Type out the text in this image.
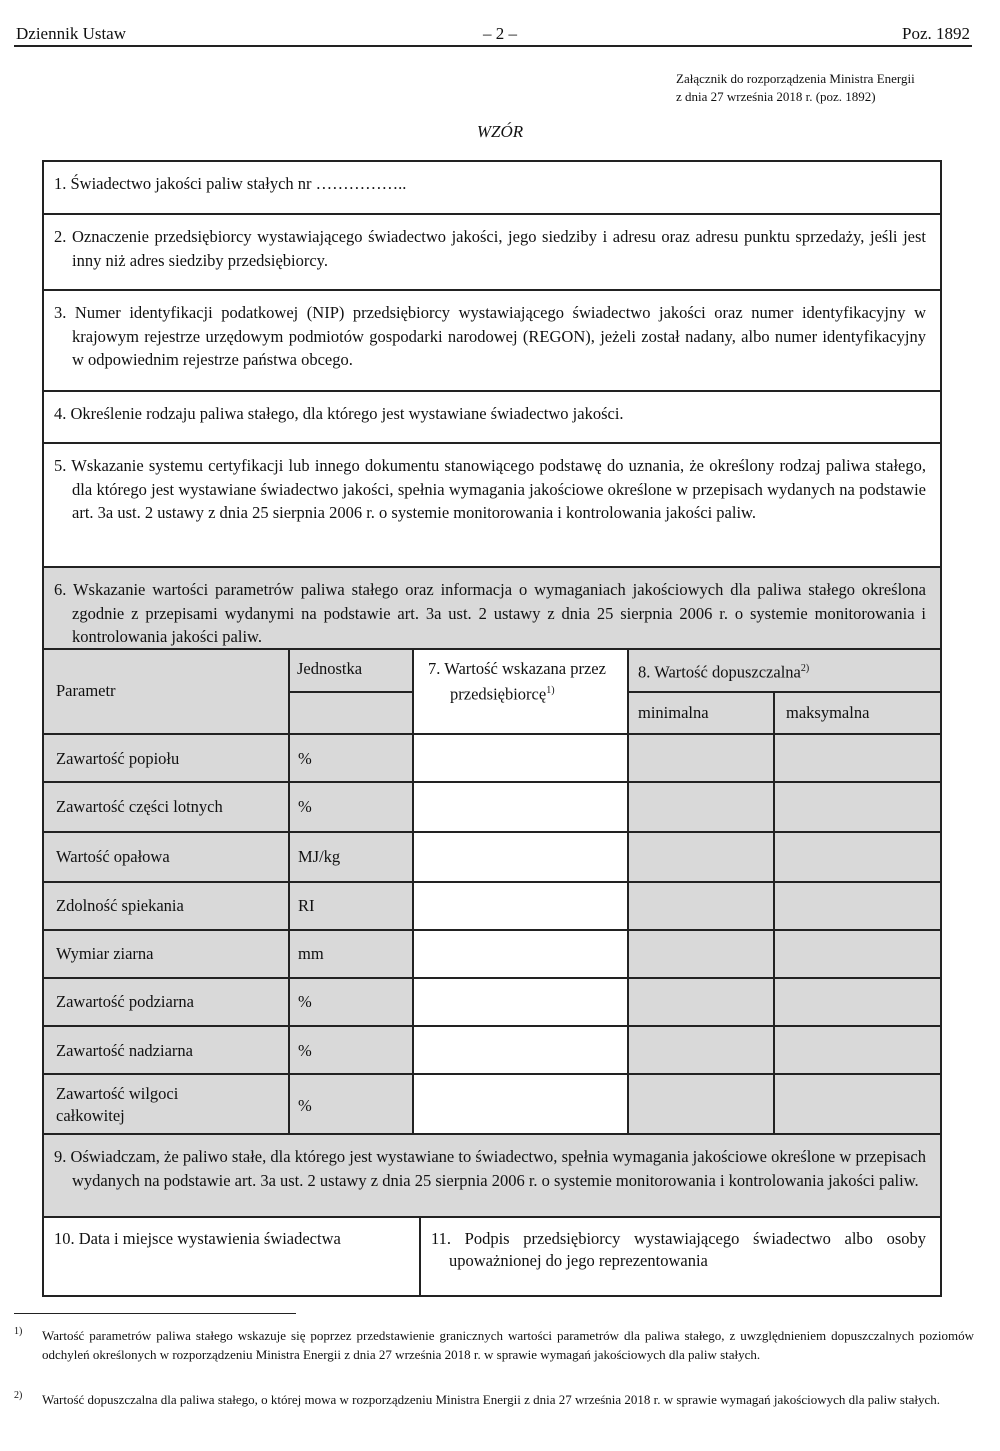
Dziennik Ustaw	– 2 –	Poz. 1892
Załącznik do rozporządzenia Ministra Energii
z dnia 27 września 2018 r. (poz. 1892)
WZÓR
1. Świadectwo jakości paliw stałych nr ……………..
2. Oznaczenie przedsiębiorcy wystawiającego świadectwo jakości, jego siedziby i adresu oraz adresu punktu sprzedaży, jeśli jest inny niż adres siedziby przedsiębiorcy.
3. Numer identyfikacji podatkowej (NIP) przedsiębiorcy wystawiającego świadectwo jakości oraz numer identyfikacyjny w krajowym rejestrze urzędowym podmiotów gospodarki narodowej (REGON), jeżeli został nadany, albo numer identyfikacyjny w odpowiednim rejestrze państwa obcego.
4. Określenie rodzaju paliwa stałego, dla którego jest wystawiane świadectwo jakości.
5. Wskazanie systemu certyfikacji lub innego dokumentu stanowiącego podstawę do uznania, że określony rodzaj paliwa stałego, dla którego jest wystawiane świadectwo jakości, spełnia wymagania jakościowe określone w przepisach wydanych na podstawie art. 3a ust. 2 ustawy z dnia 25 sierpnia 2006 r. o systemie monitorowania i kontrolowania jakości paliw.
6. Wskazanie wartości parametrów paliwa stałego oraz informacja o wymaganiach jakościowych dla paliwa stałego określona zgodnie z przepisami wydanymi na podstawie art. 3a ust. 2 ustawy z dnia 25 sierpnia 2006 r. o systemie monitorowania i kontrolowania jakości paliw.
Parametr
Jednostka	7. Wartość wskazana przez przedsiębiorcę$^{1)}$
8. Wartość dopuszczalna$^{2)}$
minimalna	maksymalna
Zawartość popiołu	%
Zawartość części lotnych	%
Wartość opałowa	MJ/kg
Zdolność spiekania	RI
Wymiar ziarna	mm
Zawartość podziarna	%
Zawartość nadziarna	%
Zawartość wilgoci całkowitej
%
9. Oświadczam, że paliwo stałe, dla którego jest wystawiane to świadectwo, spełnia wymagania jakościowe określone w przepisach wydanych na podstawie art. 3a ust. 2 ustawy z dnia 25 sierpnia 2006 r. o systemie monitorowania i kontrolowania jakości paliw.
10. Data i miejsce wystawienia świadectwa	11. Podpis przedsiębiorcy wystawiającego świadectwo albo osoby upoważnionej do jego reprezentowania
1) Wartość parametrów paliwa stałego wskazuje się poprzez przedstawienie granicznych wartości parametrów dla paliwa stałego, z uwzględnieniem dopuszczalnych poziomów odchyleń określonych w rozporządzeniu Ministra Energii z dnia 27 września 2018 r. w sprawie wymagań jakościowych dla paliw stałych.
2) Wartość dopuszczalna dla paliwa stałego, o której mowa w rozporządzeniu Ministra Energii z dnia 27 września 2018 r. w sprawie wymagań jakościowych dla paliw stałych.
